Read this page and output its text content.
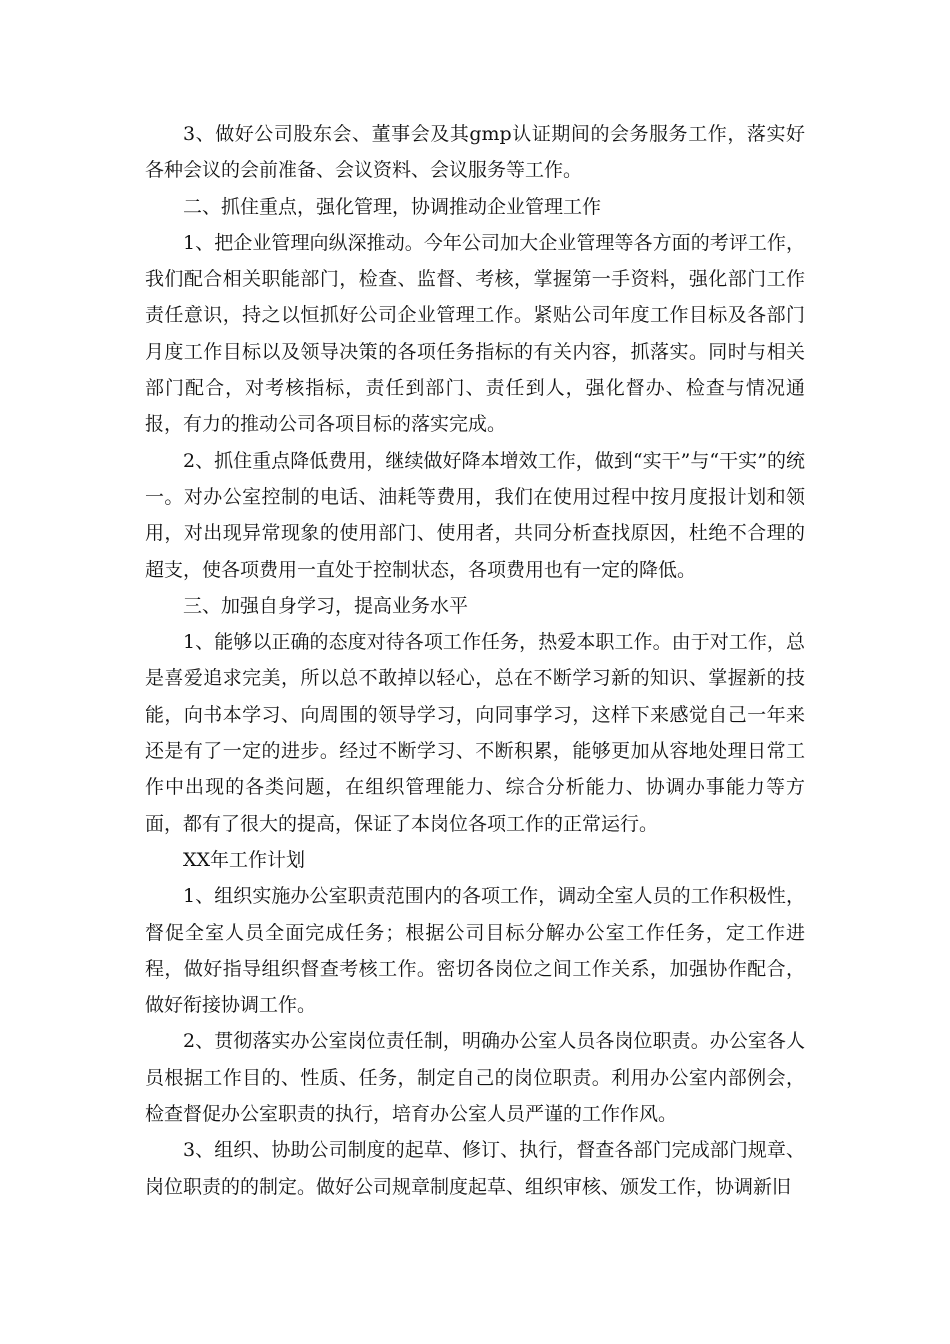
3、做好公司股东会、董事会及其gmp认证期间的会务服务工作，落实好各种会议的会前准备、会议资料、会议服务等工作。

二、抓住重点，强化管理，协调推动企业管理工作

1、把企业管理向纵深推动。今年公司加大企业管理等各方面的考评工作，我们配合相关职能部门，检查、监督、考核，掌握第一手资料，强化部门工作责任意识，持之以恒抓好公司企业管理工作。紧贴公司年度工作目标及各部门月度工作目标以及领导决策的各项任务指标的有关内容，抓落实。同时与相关部门配合，对考核指标，责任到部门、责任到人，强化督办、检查与情况通报，有力的推动公司各项目标的落实完成。

2、抓住重点降低费用，继续做好降本增效工作，做到“实干”与“干实”的统一。对办公室控制的电话、油耗等费用，我们在使用过程中按月度报计划和领用，对出现异常现象的使用部门、使用者，共同分析查找原因，杜绝不合理的超支，使各项费用一直处于控制状态，各项费用也有一定的降低。

三、加强自身学习，提高业务水平

1、能够以正确的态度对待各项工作任务，热爱本职工作。由于对工作，总是喜爱追求完美，所以总不敢掉以轻心，总在不断学习新的知识、掌握新的技能，向书本学习、向周围的领导学习，向同事学习，这样下来感觉自己一年来还是有了一定的进步。经过不断学习、不断积累，能够更加从容地处理日常工作中出现的各类问题，在组织管理能力、综合分析能力、协调办事能力等方面，都有了很大的提高，保证了本岗位各项工作的正常运行。

XX年工作计划

1、组织实施办公室职责范围内的各项工作，调动全室人员的工作积极性，督促全室人员全面完成任务；根据公司目标分解办公室工作任务，定工作进程，做好指导组织督查考核工作。密切各岗位之间工作关系，加强协作配合，做好衔接协调工作。

2、贯彻落实办公室岗位责任制，明确办公室人员各岗位职责。办公室各人员根据工作目的、性质、任务，制定自己的岗位职责。利用办公室内部例会，检查督促办公室职责的执行，培育办公室人员严谨的工作作风。

3、组织、协助公司制度的起草、修订、执行，督查各部门完成部门规章、岗位职责的的制定。做好公司规章制度起草、组织审核、颁发工作，协调新旧
